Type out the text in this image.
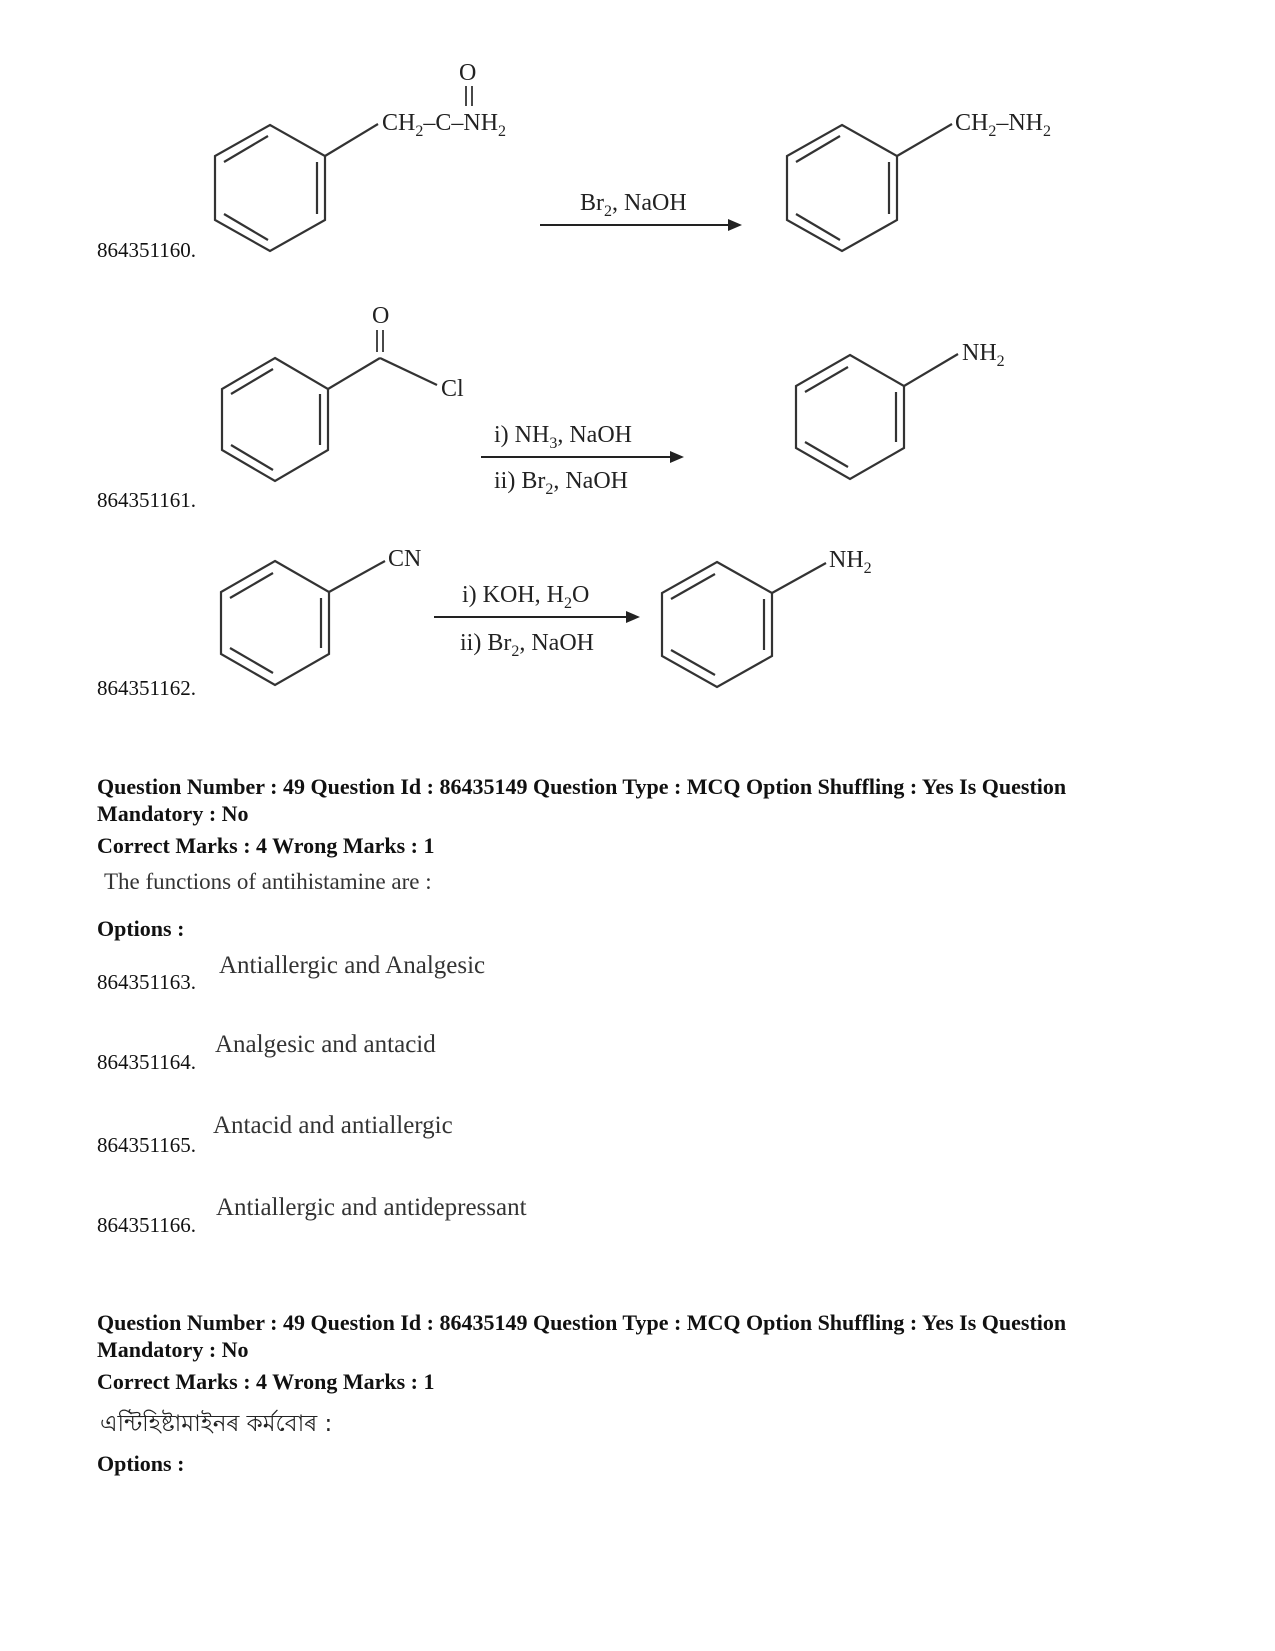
O
$CH_2-C-NH_2$
$Br_2$, NaOH
$CH_2-NH_2$
864351160.
O
Cl
i) $NH_3$, NaOH
ii) $Br_2$, NaOH
$NH_2$
864351161.
CN
i) KOH, $H_2O$
ii) $Br_2$, NaOH
$NH_2$
864351162.
Question Number : 49 Question Id : 86435149 Question Type : MCQ Option Shuffling : Yes Is Question
Mandatory : No
Correct Marks : 4 Wrong Marks : 1
The functions of antihistamine are :
Options :
864351163.
Antiallergic and Analgesic
864351164.
Analgesic and antacid
864351165.
Antacid and antiallergic
864351166.
Antiallergic and antidepressant
Question Number : 49 Question Id : 86435149 Question Type : MCQ Option Shuffling : Yes Is Question
Mandatory : No
Correct Marks : 4 Wrong Marks : 1
এন্টিহিষ্টামাইনৰ কৰ্মবোৰ :
Options :
